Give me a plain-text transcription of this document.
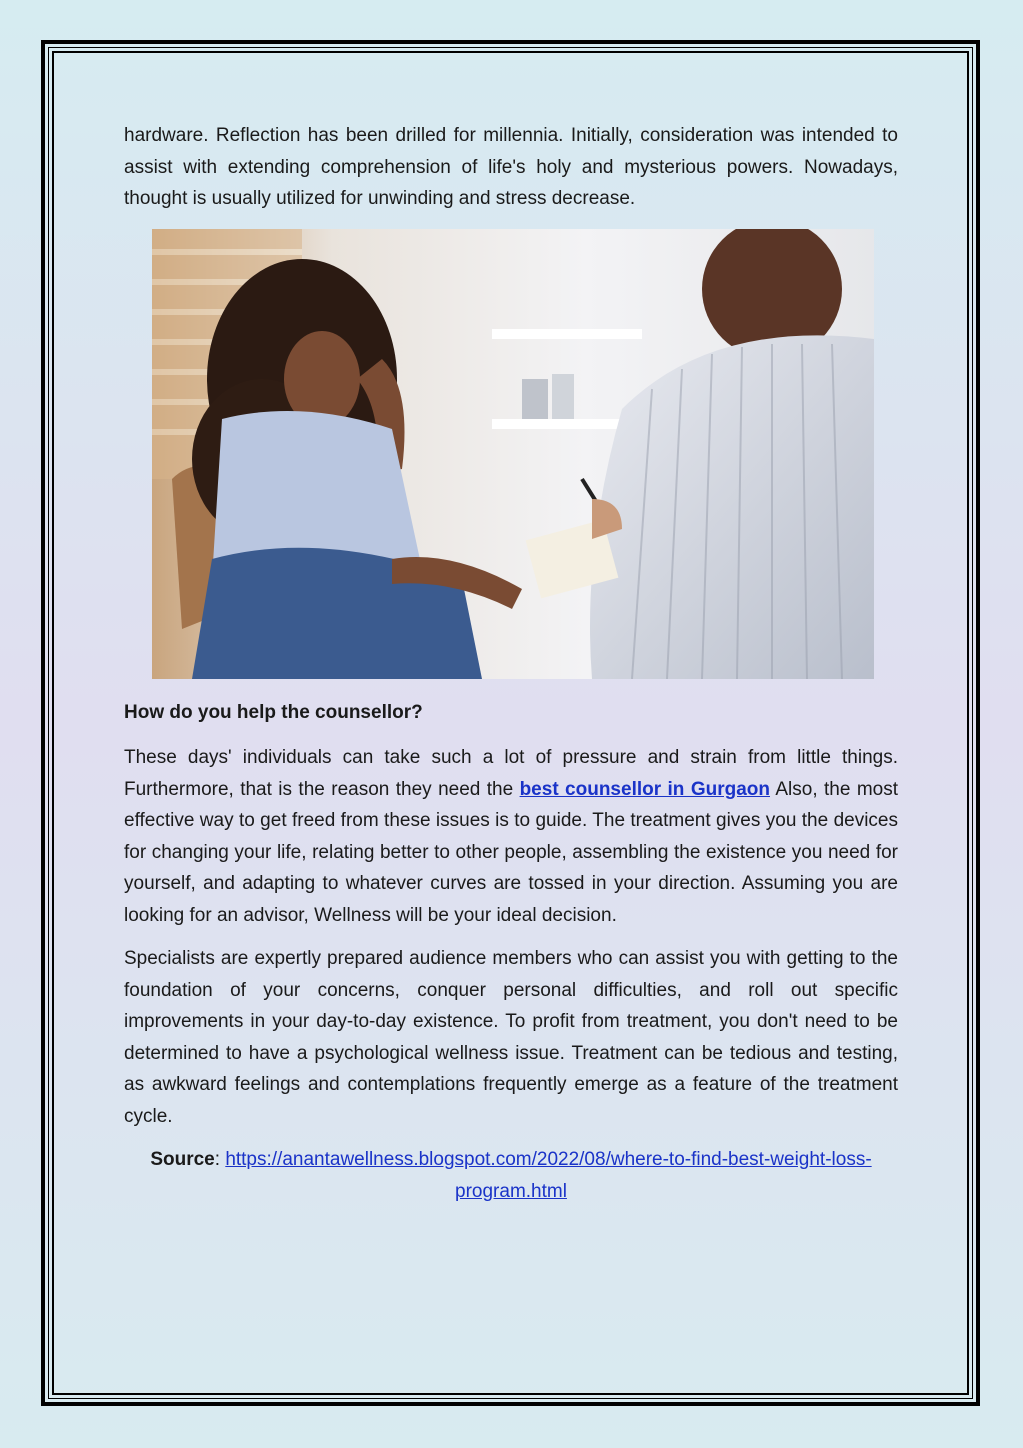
hardware. Reflection has been drilled for millennia. Initially, consideration was intended to assist with extending comprehension of life's holy and mysterious powers. Nowadays, thought is usually utilized for unwinding and stress decrease.

How do you help the counsellor?

These days' individuals can take such a lot of pressure and strain from little things. Furthermore, that is the reason they need the best counsellor in Gurgaon Also, the most effective way to get freed from these issues is to guide. The treatment gives you the devices for changing your life, relating better to other people, assembling the existence you need for yourself, and adapting to whatever curves are tossed in your direction. Assuming you are looking for an advisor, Wellness will be your ideal decision.

Specialists are expertly prepared audience members who can assist you with getting to the foundation of your concerns, conquer personal difficulties, and roll out specific improvements in your day-to-day existence. To profit from treatment, you don't need to be determined to have a psychological wellness issue. Treatment can be tedious and testing, as awkward feelings and contemplations frequently emerge as a feature of the treatment cycle.

Source: https://anantawellness.blogspot.com/2022/08/where-to-find-best-weight-loss-program.html
